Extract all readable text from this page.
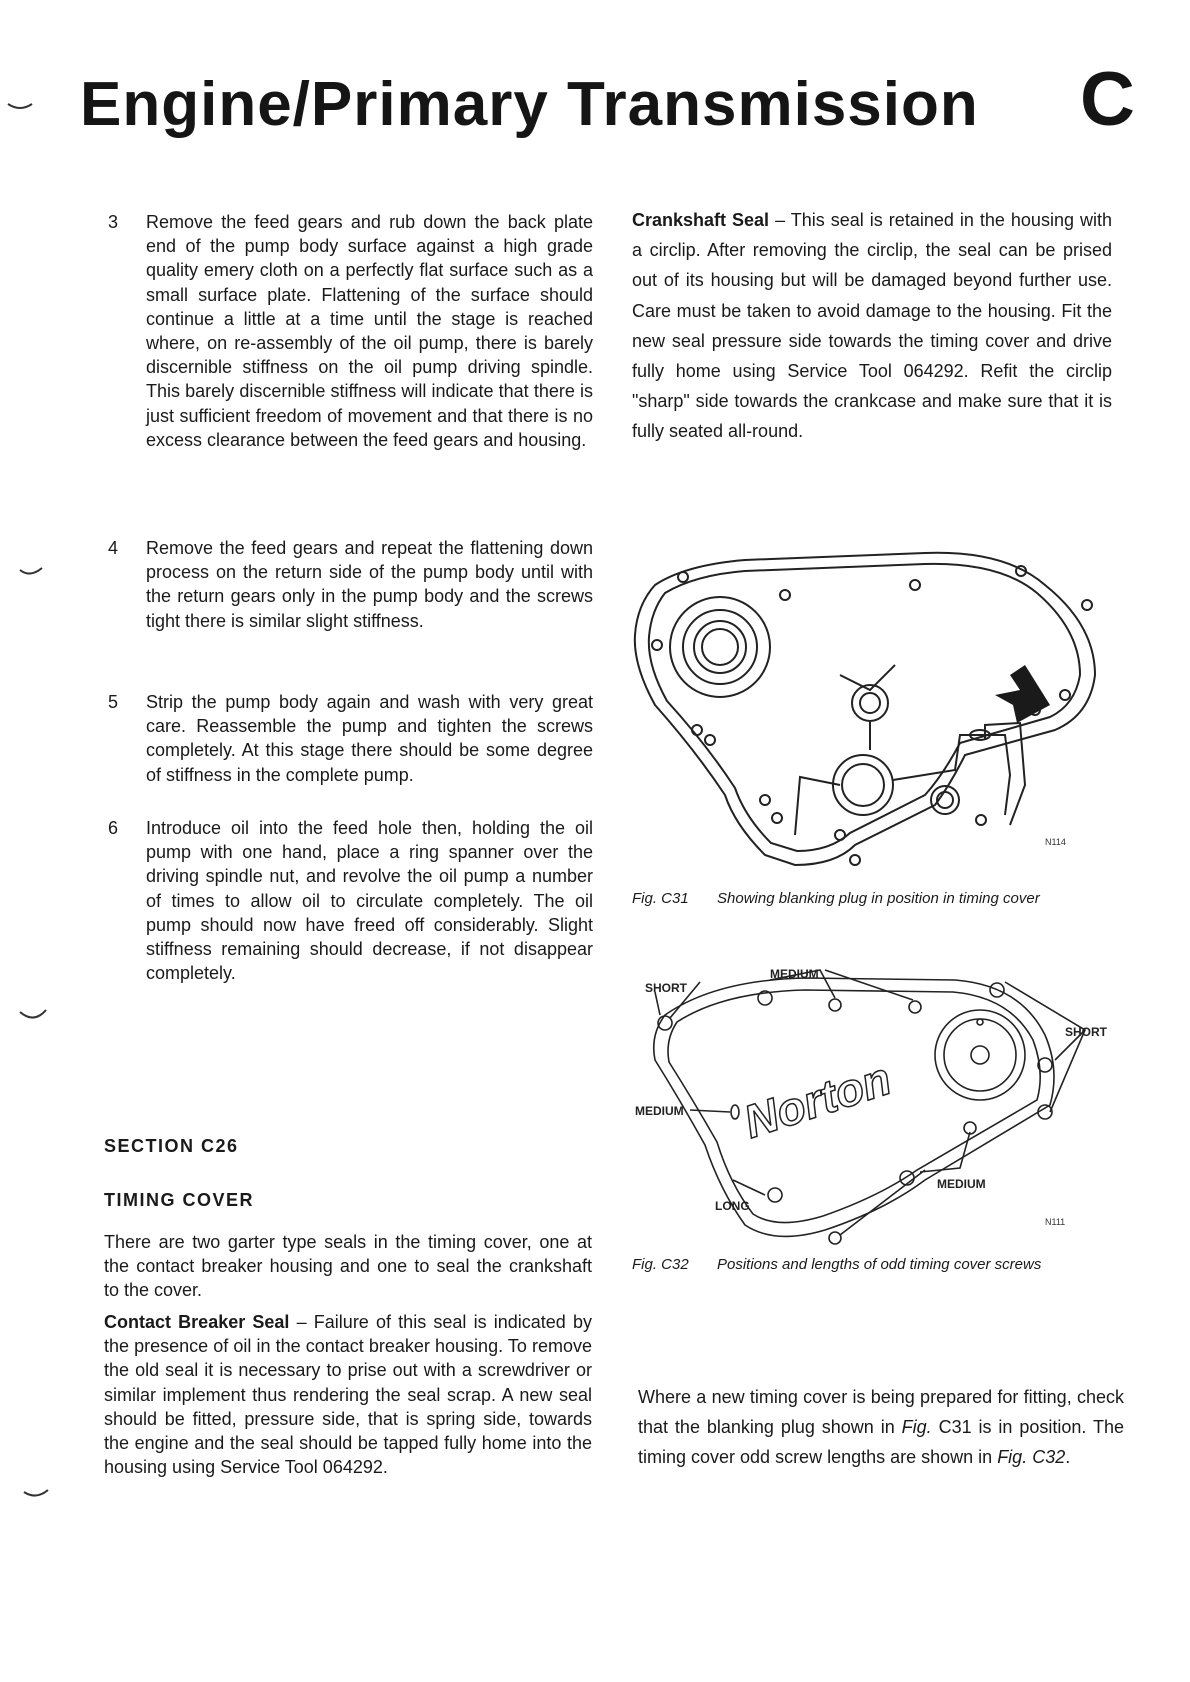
Engine/Primary Transmission	C
3 Remove the feed gears and rub down the back plate end of the pump body surface against a high grade quality emery cloth on a perfectly flat surface such as a small surface plate. Flattening of the surface should continue a little at a time until the stage is reached where, on re-assembly of the oil pump, there is barely discernible stiffness on the oil pump driving spindle. This barely discernible stiffness will indicate that there is just sufficient freedom of movement and that there is no excess clearance between the feed gears and housing.
4 Remove the feed gears and repeat the flattening down process on the return side of the pump body until with the return gears only in the pump body and the screws tight there is similar slight stiffness.
5 Strip the pump body again and wash with very great care. Reassemble the pump and tighten the screws completely. At this stage there should be some degree of stiffness in the complete pump.
6 Introduce oil into the feed hole then, holding the oil pump with one hand, place a ring spanner over the driving spindle nut, and revolve the oil pump a number of times to allow oil to circulate completely. The oil pump should now have freed off considerably. Slight stiffness remaining should decrease, if not disappear completely.
SECTION C26
TIMING COVER
There are two garter type seals in the timing cover, one at the contact breaker housing and one to seal the crankshaft to the cover.
Contact Breaker Seal – Failure of this seal is indicated by the presence of oil in the contact breaker housing. To remove the old seal it is necessary to prise out with a screwdriver or similar implement thus rendering the seal scrap. A new seal should be fitted, pressure side, that is spring side, towards the engine and the seal should be tapped fully home into the housing using Service Tool 064292.
Crankshaft Seal – This seal is retained in the housing with a circlip. After removing the circlip, the seal can be prised out of its housing but will be damaged beyond further use. Care must be taken to avoid damage to the housing. Fit the new seal pressure side towards the timing cover and drive fully home using Service Tool 064292. Refit the circlip "sharp" side towards the crankcase and make sure that it is fully seated all-round.
N114
Fig. C31 Showing blanking plug in position in timing cover
Norton
SHORT
MEDIUM
SHORT
MEDIUM
MEDIUM
LONG
N111
Fig. C32 Positions and lengths of odd timing cover screws
Where a new timing cover is being prepared for fitting, check that the blanking plug shown in Fig. C31 is in position. The timing cover odd screw lengths are shown in Fig. C32.
